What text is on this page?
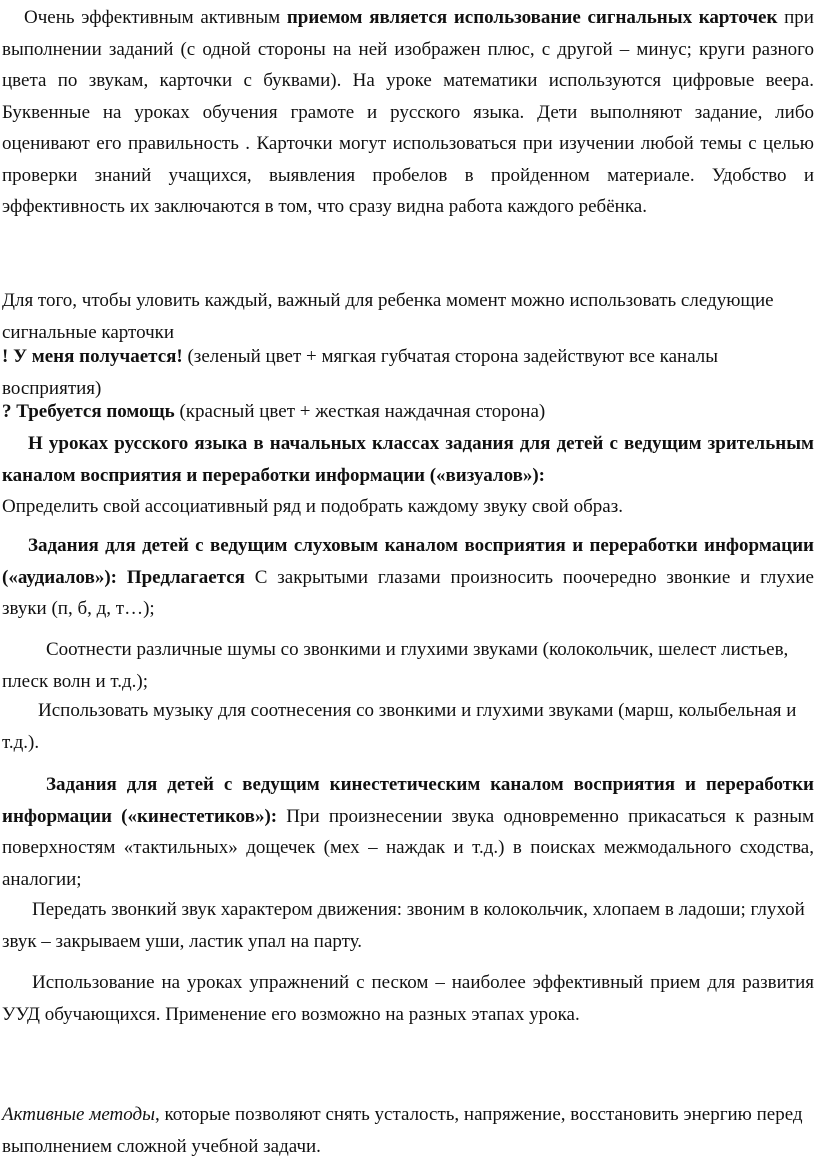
Очень эффективным активным приемом является использование сигнальных карточек при выполнении заданий (с одной стороны на ней изображен плюс, с другой – минус; круги разного цвета по звукам, карточки с буквами). На уроке математики используются цифровые веера. Буквенные на уроках обучения грамоте и русского языка. Дети выполняют задание, либо оценивают его правильность . Карточки могут использоваться при изучении любой темы с целью проверки знаний учащихся, выявления пробелов в пройденном материале. Удобство и эффективность их заключаются в том, что сразу видна работа каждого ребёнка.

Для того, чтобы уловить каждый, важный для ребенка момент можно использовать следующие сигнальные карточки

! У меня получается! (зеленый цвет + мягкая губчатая сторона задействуют все каналы восприятия)

? Требуется помощь (красный цвет + жесткая наждачная сторона)

Н уроках русского языка в начальных классах задания для детей с ведущим зрительным каналом восприятия и переработки информации («визуалов»):
Определить свой ассоциативный ряд и подобрать каждому звуку свой образ.

Задания для детей с ведущим слуховым каналом восприятия и переработки информации («аудиалов»): Предлагается С закрытыми глазами произносить поочередно звонкие и глухие звуки (п, б, д, т…);

Соотнести различные шумы со звонкими и глухими звуками (колокольчик, шелест листьев, плеск волн и т.д.);

Использовать музыку для соотнесения со звонкими и глухими звуками (марш, колыбельная и т.д.).

Задания для детей с ведущим кинестетическим каналом восприятия и переработки информации («кинестетиков»): При произнесении звука одновременно прикасаться к разным поверхностям «тактильных» дощечек (мех – наждак и т.д.) в поисках межмодального сходства, аналогии;

Передать звонкий звук характером движения: звоним в колокольчик, хлопаем в ладоши; глухой звук – закрываем уши, ластик упал на парту.

Использование на уроках упражнений с песком – наиболее эффективный прием для развития УУД обучающихся. Применение его возможно на разных этапах урока.

Активные методы, которые позволяют снять усталость, напряжение, восстановить энергию перед выполнением сложной учебной задачи.
